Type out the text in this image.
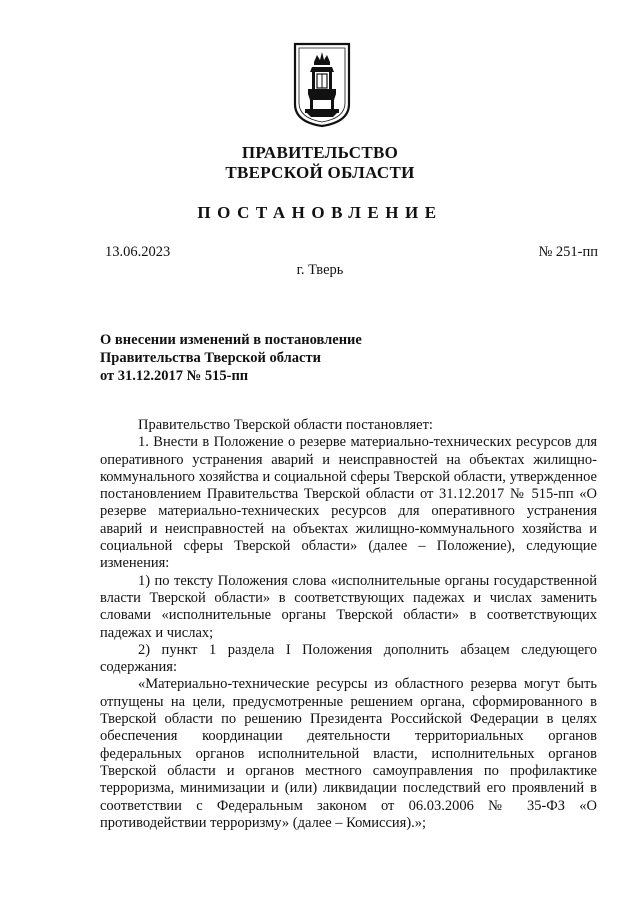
ПРАВИТЕЛЬСТВО
ТВЕРСКОЙ ОБЛАСТИ
ПОСТАНОВЛЕНИЕ
13.06.2023	№ 251-пп
г. Тверь
О внесении изменений в постановление
Правительства Тверской области
от 31.12.2017 № 515-пп

Правительство Тверской области постановляет:

1. Внести в Положение о резерве материально-технических ресурсов для оперативного устранения аварий и неисправностей на объектах жилищно-коммунального хозяйства и социальной сферы Тверской области, утвержденное постановлением Правительства Тверской области от 31.12.2017 № 515-пп «О резерве материально-технических ресурсов для оперативного устранения аварий и неисправностей на объектах жилищно-коммунального хозяйства и социальной сферы Тверской области» (далее – Положение), следующие изменения:

1) по тексту Положения слова «исполнительные органы государственной власти Тверской области» в соответствующих падежах и числах заменить словами «исполнительные органы Тверской области» в соответствующих падежах и числах;

2) пункт 1 раздела I Положения дополнить абзацем следующего содержания:

«Материально-технические ресурсы из областного резерва могут быть отпущены на цели, предусмотренные решением органа, сформированного в Тверской области по решению Президента Российской Федерации в целях обеспечения координации деятельности территориальных органов федеральных органов исполнительной власти, исполнительных органов Тверской области и органов местного самоуправления по профилактике терроризма, минимизации и (или) ликвидации последствий его проявлений в соответствии с Федеральным законом от 06.03.2006 № 35-ФЗ «О противодействии терроризму» (далее – Комиссия).»;
